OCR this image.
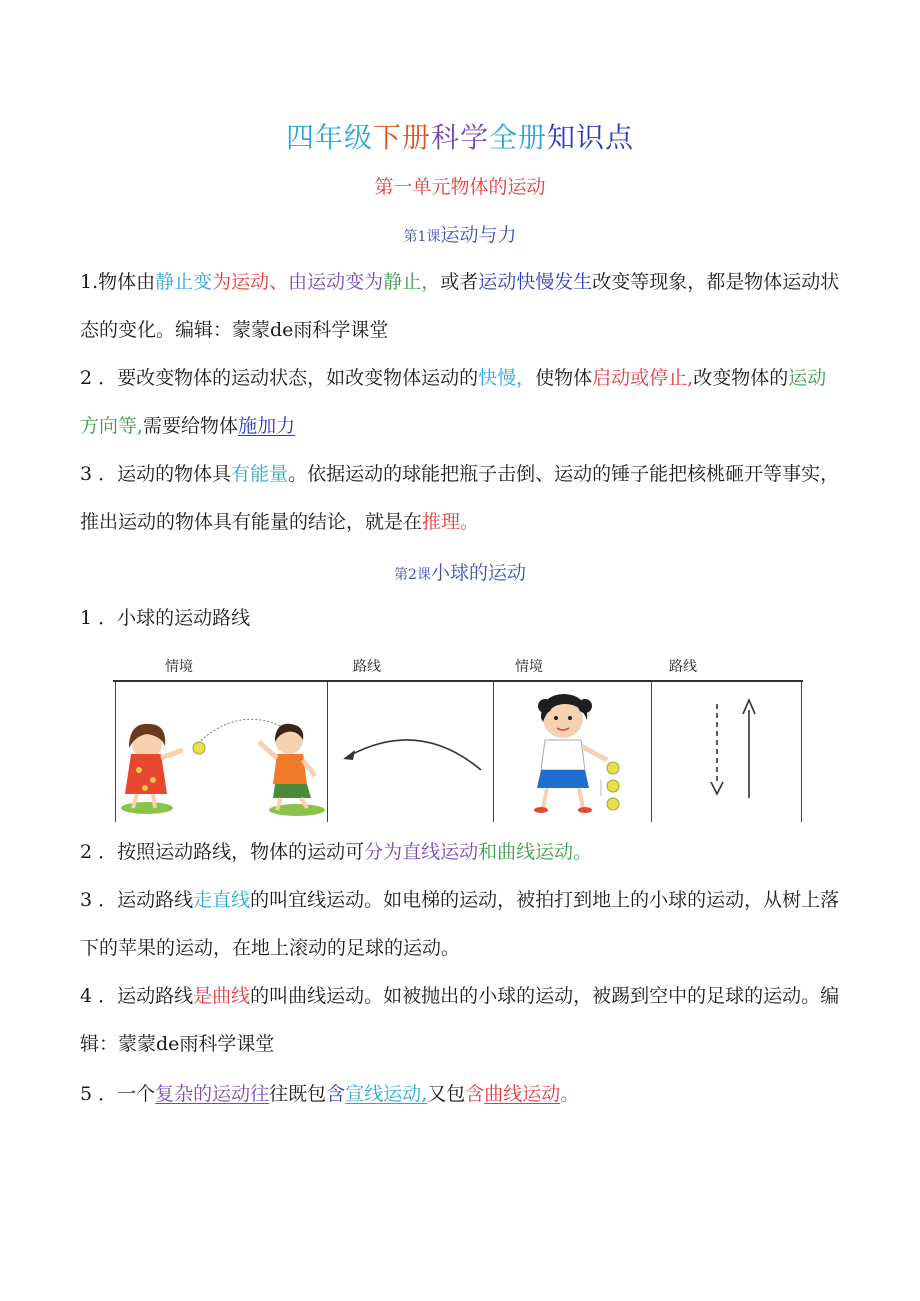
四年级下册科学全册知识点
第一单元物体的运动
第1课运动与力

1.物体由静止变为运动、由运动变为静止，或者运动快慢发生改变等现象，都是物体运动状态的变化。编辑：蒙蒙de雨科学课堂

2 ．要改变物体的运动状态，如改变物体运动的快慢，使物体启动或停止,改变物体的运动方向等,需要给物体施加力

3 ．运动的物体具有能量。依据运动的球能把瓶子击倒、运动的锤子能把核桃砸开等事实，推出运动的物体具有能量的结论，就是在推理。

第2课小球的运动

1 ．小球的运动路线

情境	路线	情境	路线

2 ．按照运动路线，物体的运动可分为直线运动和曲线运动。

3 ．运动路线走直线的叫宜线运动。如电梯的运动，被拍打到地上的小球的运动，从树上落下的苹果的运动，在地上滚动的足球的运动。

4 ．运动路线是曲线的叫曲线运动。如被抛出的小球的运动，被踢到空中的足球的运动。编辑：蒙蒙de雨科学课堂

5 ．一个复杂的运动往往既包含宣线运动,又包含曲线运动。
